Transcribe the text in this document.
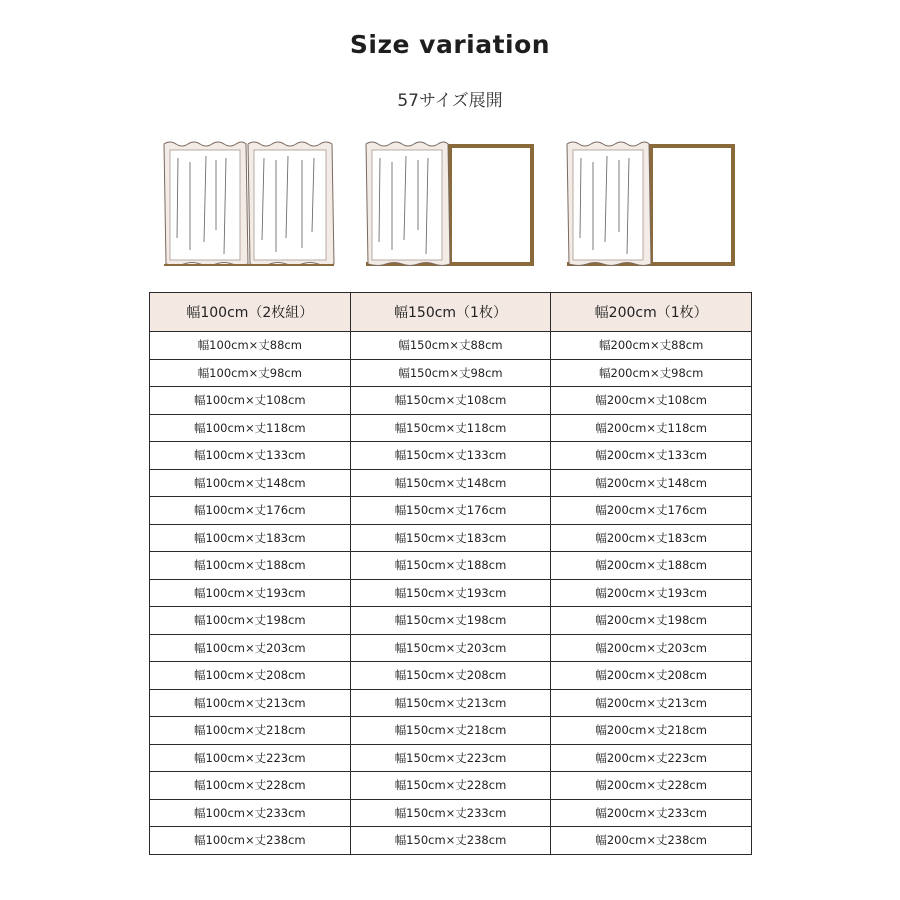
Size variation
57サイズ展開
幅100cm（2枚組）	幅150cm（1枚）	幅200cm（1枚）
幅100cm×丈88cm	幅150cm×丈88cm	幅200cm×丈88cm
幅100cm×丈98cm	幅150cm×丈98cm	幅200cm×丈98cm
幅100cm×丈108cm	幅150cm×丈108cm	幅200cm×丈108cm
幅100cm×丈118cm	幅150cm×丈118cm	幅200cm×丈118cm
幅100cm×丈133cm	幅150cm×丈133cm	幅200cm×丈133cm
幅100cm×丈148cm	幅150cm×丈148cm	幅200cm×丈148cm
幅100cm×丈176cm	幅150cm×丈176cm	幅200cm×丈176cm
幅100cm×丈183cm	幅150cm×丈183cm	幅200cm×丈183cm
幅100cm×丈188cm	幅150cm×丈188cm	幅200cm×丈188cm
幅100cm×丈193cm	幅150cm×丈193cm	幅200cm×丈193cm
幅100cm×丈198cm	幅150cm×丈198cm	幅200cm×丈198cm
幅100cm×丈203cm	幅150cm×丈203cm	幅200cm×丈203cm
幅100cm×丈208cm	幅150cm×丈208cm	幅200cm×丈208cm
幅100cm×丈213cm	幅150cm×丈213cm	幅200cm×丈213cm
幅100cm×丈218cm	幅150cm×丈218cm	幅200cm×丈218cm
幅100cm×丈223cm	幅150cm×丈223cm	幅200cm×丈223cm
幅100cm×丈228cm	幅150cm×丈228cm	幅200cm×丈228cm
幅100cm×丈233cm	幅150cm×丈233cm	幅200cm×丈233cm
幅100cm×丈238cm	幅150cm×丈238cm	幅200cm×丈238cm
